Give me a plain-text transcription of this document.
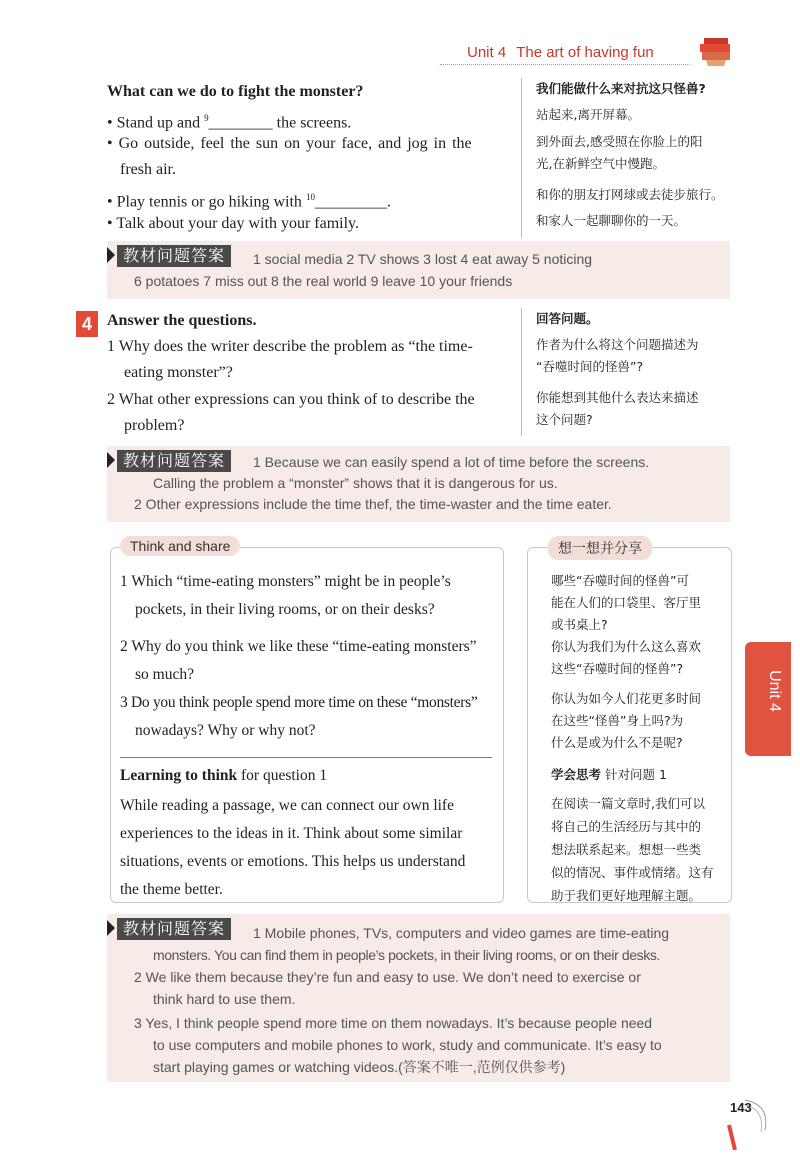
Unit 4 The art of having fun
What can we do to fight the monster?
• Stand up and $^9$________ the screens.
• Go outside, feel the sun on your face, and jog in the
fresh air.
• Play tennis or go hiking with $^{10}$_________.
• Talk about your day with your family.
我们能做什么来对抗这只怪兽?
站起来,离开屏幕。
到外面去,感受照在你脸上的阳
光,在新鲜空气中慢跑。
和你的朋友打网球或去徒步旅行。
和家人一起聊聊你的一天。
教材问题答案	1 social media 2 TV shows 3 lost 4 eat away 5 noticing
6 potatoes 7 miss out 8 the real world 9 leave 10 your friends
4 Answer the questions.
1 Why does the writer describe the problem as “the time-
eating monster”?
2 What other expressions can you think of to describe the
problem?
回答问题。
作者为什么将这个问题描述为
“吞噬时间的怪兽”?
你能想到其他什么表达来描述
这个问题?
教材问题答案	1 Because we can easily spend a lot of time before the screens.
Calling the problem a “monster” shows that it is dangerous for us.
2 Other expressions include the time thef, the time-waster and the time eater.
Think and share
1 Which “time-eating monsters” might be in people’s
pockets, in their living rooms, or on their desks?
2 Why do you think we like these “time-eating monsters”
so much?
3 Do you think people spend more time on these “monsters”
nowadays? Why or why not?
Learning to think for question 1
While reading a passage, we can connect our own life
experiences to the ideas in it. Think about some similar
situations, events or emotions. This helps us understand
the theme better.
想一想并分享
哪些“吞噬时间的怪兽”可
能在人们的口袋里、客厅里
或书桌上?
你认为我们为什么这么喜欢
这些“吞噬时间的怪兽”?
你认为如今人们花更多时间
在这些“怪兽”身上吗?为
什么是或为什么不是呢?
学会思考 针对问题 1
在阅读一篇文章时,我们可以
将自己的生活经历与其中的
想法联系起来。想想一些类
似的情况、事件或情绪。这有
助于我们更好地理解主题。
教材问题答案	1 Mobile phones, TVs, computers and video games are time-eating
monsters. You can find them in people’s pockets, in their living rooms, or on their desks.
2 We like them because they’re fun and easy to use. We don’t need to exercise or
think hard to use them.
3 Yes, I think people spend more time on them nowadays. It’s because people need
to use computers and mobile phones to work, study and communicate. It’s easy to
start playing games or watching videos.(答案不唯一,范例仅供参考)
Unit 4
143
